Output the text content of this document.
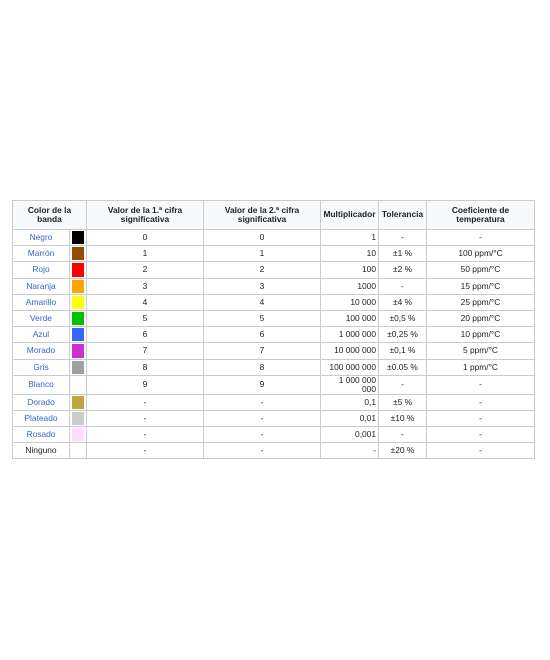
Color de la banda		Valor de la 1.ª cifra significativa	Valor de la 2.ª cifra significativa	Multiplicador	Tolerancia	Coeficiente de temperatura
Negro		0	0	1	-	-
Marrón		1	1	10	±1 %	100 ppm/°C
Rojo		2	2	100	±2 %	50 ppm/°C
Naranja		3	3	1000	-	15 ppm/°C
Amarillo		4	4	10 000	±4 %	25 ppm/°C
Verde		5	5	100 000	±0,5 %	20 ppm/°C
Azul		6	6	1 000 000	±0,25 %	10 ppm/°C
Morado		7	7	10 000 000	±0,1 %	5 ppm/°C
Gris		8	8	100 000 000	±0.05 %	1 ppm/°C
Blanco		9	9	1 000 000 000	-	-
Dorado		-	-	0,1	±5 %	-
Plateado		-	-	0,01	±10 %	-
Rosado		-	-	0,001	-	-
Ninguno		-	-	-	±20 %	-
